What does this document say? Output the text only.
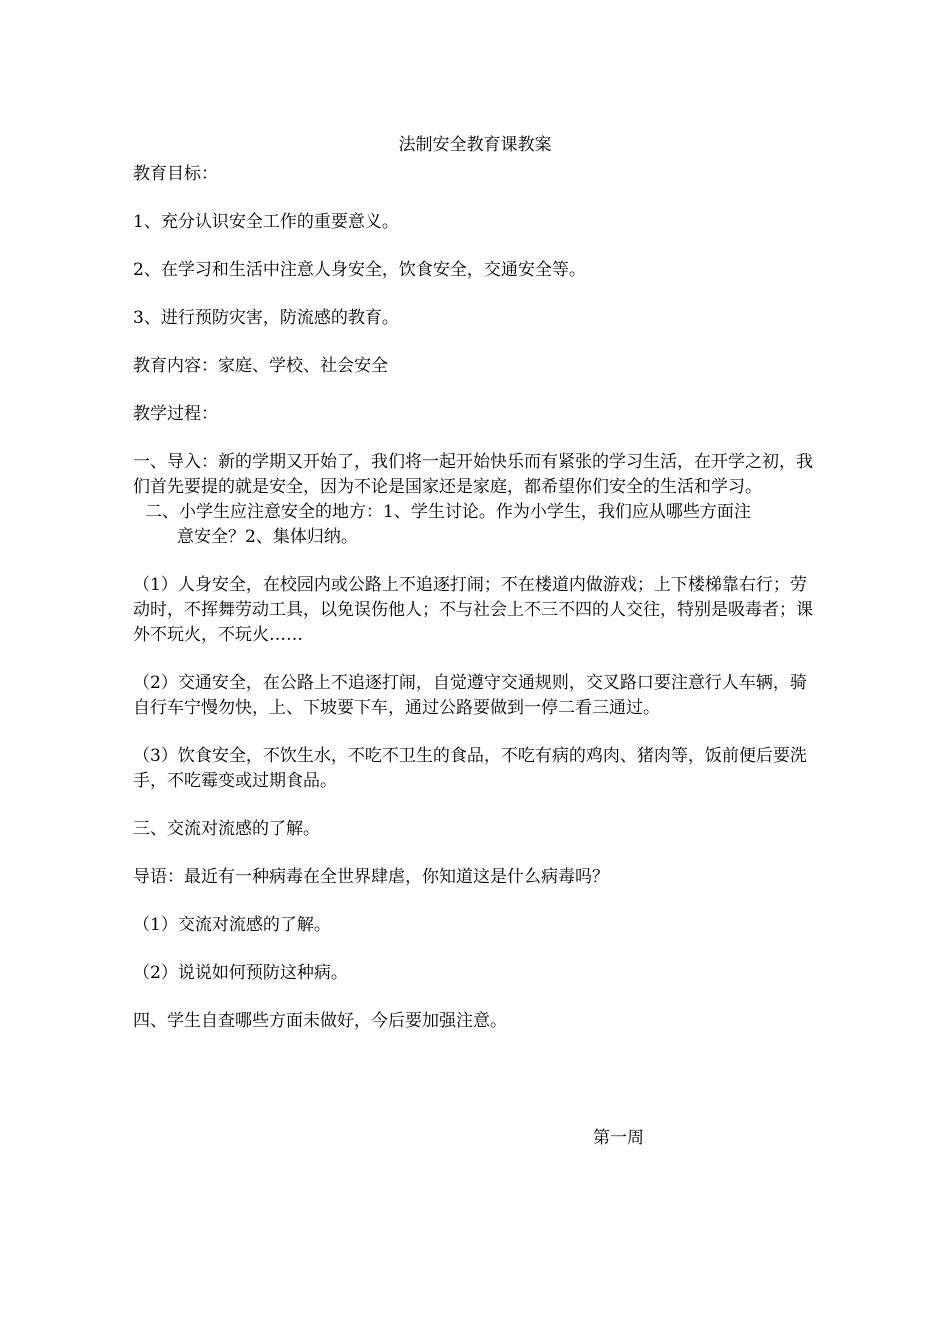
法制安全教育课教案

教育目标：

1、充分认识安全工作的重要意义。

2、在学习和生活中注意人身安全，饮食安全，交通安全等。

3、进行预防灾害，防流感的教育。

教育内容：家庭、学校、社会安全

教学过程：

一、导入：新的学期又开始了，我们将一起开始快乐而有紧张的学习生活，在开学之初，我们首先要提的就是安全，因为不论是国家还是家庭，都希望你们安全的生活和学习。

二、小学生应注意安全的地方：1、学生讨论。作为小学生，我们应从哪些方面注
意安全？2、集体归纳。

（1）人身安全，在校园内或公路上不追逐打闹；不在楼道内做游戏；上下楼梯靠右行；劳动时，不挥舞劳动工具，以免误伤他人；不与社会上不三不四的人交往，特别是吸毒者；课外不玩火，不玩火……

（2）交通安全，在公路上不追逐打闹，自觉遵守交通规则，交叉路口要注意行人车辆，骑自行车宁慢勿快，上、下坡要下车，通过公路要做到一停二看三通过。

（3）饮食安全，不饮生水，不吃不卫生的食品，不吃有病的鸡肉、猪肉等，饭前便后要洗手，不吃霉变或过期食品。

三、交流对流感的了解。

导语：最近有一种病毒在全世界肆虐，你知道这是什么病毒吗？

（1）交流对流感的了解。

（2）说说如何预防这种病。

四、学生自查哪些方面未做好，今后要加强注意。

第一周
